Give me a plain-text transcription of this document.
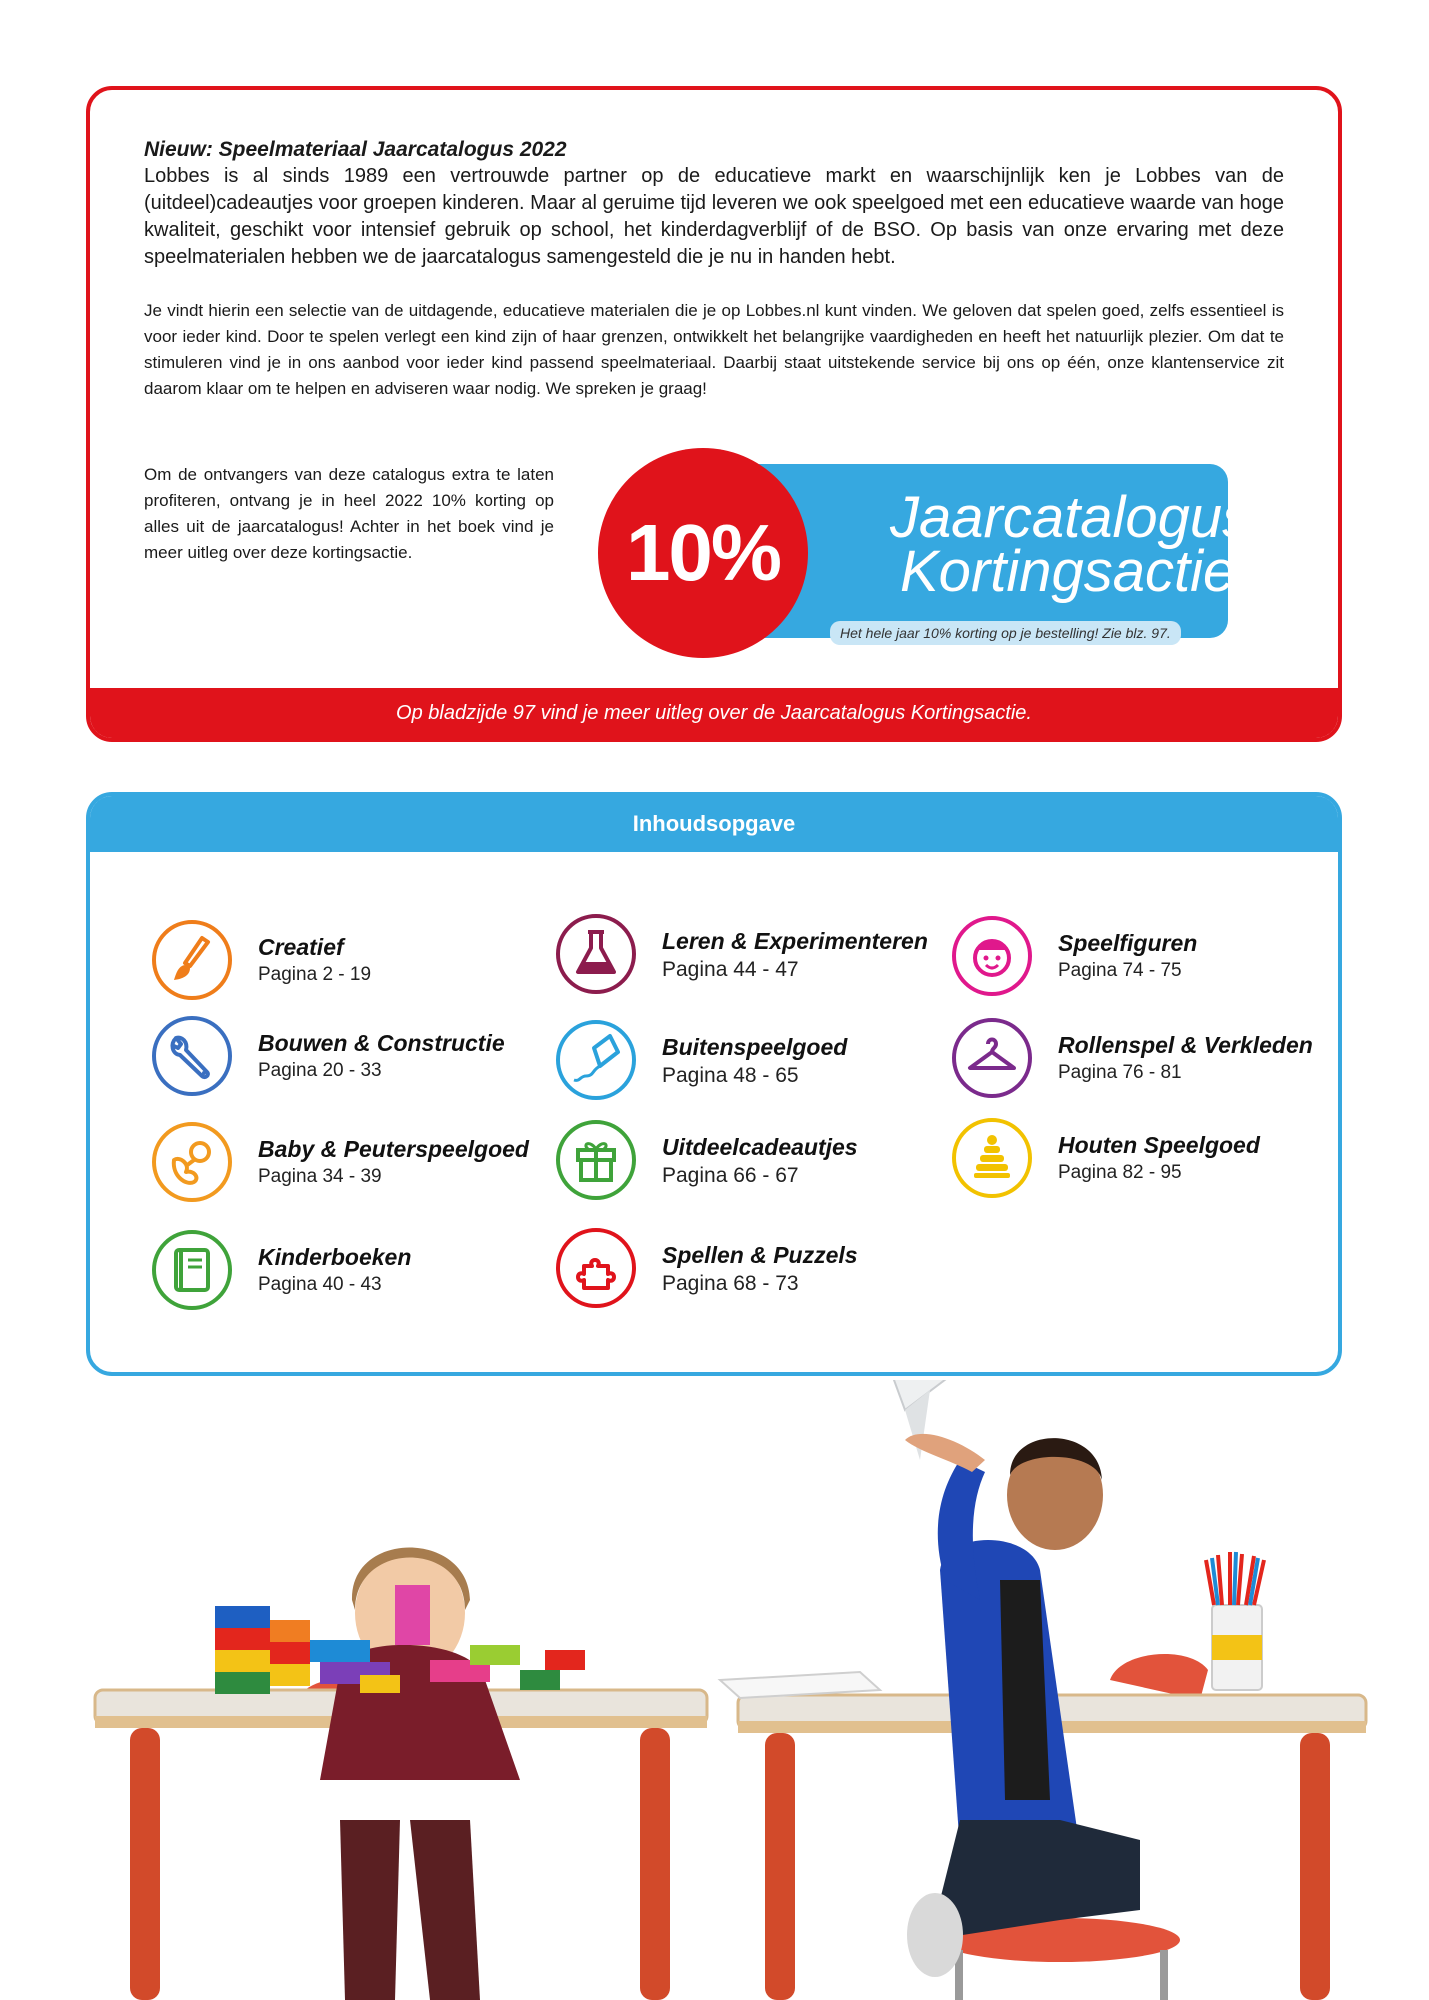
Nieuw: Speelmateriaal Jaarcatalogus 2022

Lobbes is al sinds 1989 een vertrouwde partner op de educatieve markt en waarschijnlijk ken je Lobbes van de (uitdeel)cadeautjes voor groepen kinderen. Maar al geruime tijd leveren we ook speelgoed met een educatieve waarde van hoge kwaliteit, geschikt voor intensief gebruik op school, het kinderdagverblijf of de BSO. Op basis van onze ervaring met deze speelmaterialen hebben we de jaarcatalogus samengesteld die je nu in handen hebt.

Je vindt hierin een selectie van de uitdagende, educatieve materialen die je op Lobbes.nl kunt vinden. We geloven dat spelen goed, zelfs essentieel is voor ieder kind. Door te spelen verlegt een kind zijn of haar grenzen, ontwikkelt het belangrijke vaardigheden en heeft het natuurlijk plezier. Om dat te stimuleren vind je in ons aanbod voor ieder kind passend speelmateriaal. Daarbij staat uitstekende service bij ons op één, onze klantenservice zit daarom klaar om te helpen en adviseren waar nodig. We spreken je graag!

Om de ontvangers van deze catalogus extra te laten profiteren, ontvang je in heel 2022 10% korting op alles uit de jaarcatalogus! Achter in het boek vind je meer uitleg over deze kortingsactie.

Jaarcatalogus
Kortingsactie
10%
Het hele jaar 10% korting op je bestelling! Zie blz. 97.
Op bladzijde 97 vind je meer uitleg over de Jaarcatalogus Kortingsactie.
Inhoudsopgave
Creatief
Pagina 2 - 19
Bouwen & Constructie
Pagina 20 - 33
Baby & Peuterspeelgoed
Pagina 34 - 39
Kinderboeken
Pagina 40 - 43
Leren & Experimenteren
Pagina 44 - 47
Buitenspeelgoed
Pagina 48 - 65
Uitdeelcadeautjes
Pagina 66 - 67
Spellen & Puzzels
Pagina 68 - 73
Speelfiguren
Pagina 74 - 75
Rollenspel & Verkleden
Pagina 76 - 81
Houten Speelgoed
Pagina 82 - 95
